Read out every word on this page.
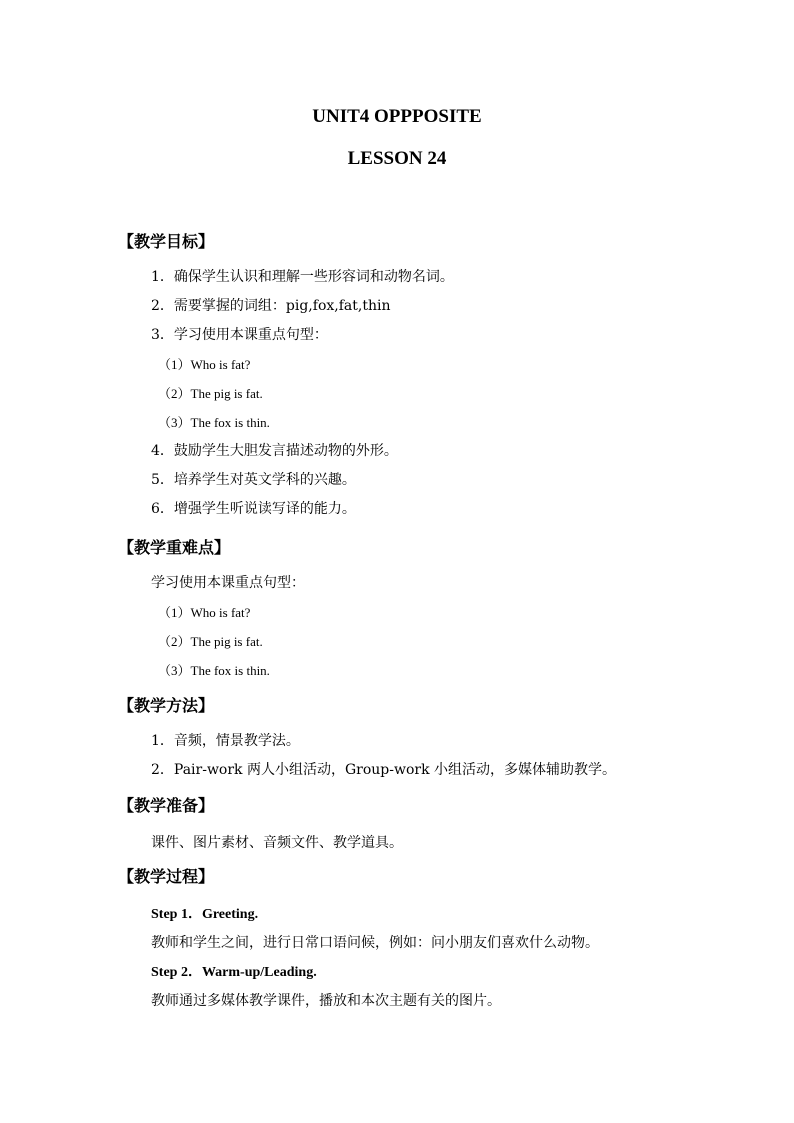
UNIT4 OPPPOSITE
LESSON 24
【教学目标】
1．确保学生认识和理解一些形容词和动物名词。
2．需要掌握的词组：pig,fox,fat,thin
3．学习使用本课重点句型：
（1）Who is fat?
（2）The pig is fat.
（3）The fox is thin.
4．鼓励学生大胆发言描述动物的外形。
5．培养学生对英文学科的兴趣。
6．增强学生听说读写译的能力。
【教学重难点】
学习使用本课重点句型：
（1）Who is fat?
（2）The pig is fat.
（3）The fox is thin.
【教学方法】
1．音频，情景教学法。
2．Pair-work 两人小组活动，Group-work 小组活动，多媒体辅助教学。
【教学准备】
课件、图片素材、音频文件、教学道具。
【教学过程】
Step 1．Greeting.
教师和学生之间，进行日常口语问候，例如：问小朋友们喜欢什么动物。
Step 2．Warm-up/Leading.
教师通过多媒体教学课件，播放和本次主题有关的图片。
